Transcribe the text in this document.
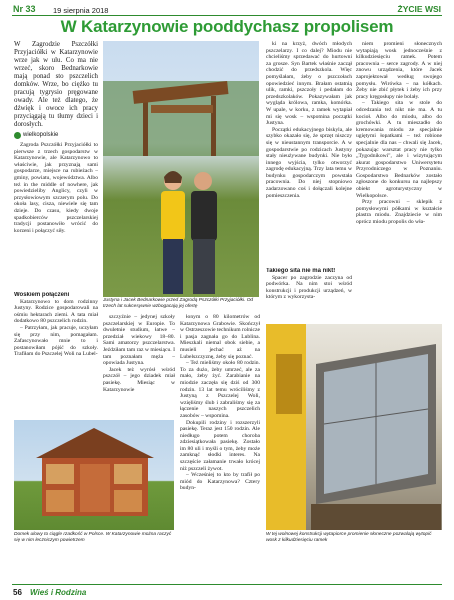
Nr 33 19 sierpnia 2018	ŻYCIE WSI
W Katarzynowie pooddychasz propolisem

W Zagrodzie Pszczółki Przyjaciółki w Katarzynowie wrze jak w ulu. Co ma nie wrzeć, skoro Bednarkowie mają ponad sto pszczelich domków. Wrze, bo ciężko tu pracują tygrysio pręgowane owady. Ale też dlatego, że dźwięk i owoce ich pracy przyciągają tu tłumy dzieci i dorosłych.

wielkopolskie

Zagroda Pszczółki Przyjaciółki to pierwsze z trzech gospodarstw w Katarzynowie, ale Katarzynowo to właściwie, jak przyznają sami gospodarze, miejsce na rubieżach – gminy, powiatu, województwa. Albo też in the middle of nowhere, jak powiedzieliby Anglicy, czyli w przysłowiowym szczerym polu. Do okoła lasy, cisza, niewiele się tam dzieje. Do czasu, kiedy dwoje spadkobierców pszczelarskiej tradycji postanowiło wrócić do korzeni i połączyć siły.

Woskiem połączeni

Katarzynowo to dom rodzinny Justyny. Rodzice gospodarowali na ośmiu hektarach ziemi. A tata miał dodatkowo 80 pszczelich rodzin.

– Patrzyłam, jak pracuje, uczyłam się przy nim, pomagałam. Zafascynowało mnie to i postanowiłam pójść do szkoły. Trafiłam do Pszczelej Woli na Lubel-

Justyna i Jacek Bednarkowie przed Zagrodą Pszczółki Przyjaciółki. Od trzech lat sukcesywnie wzbogacają jej ofertę

szczyźnie – jedynej szkoły pszczelarskiej w Europie. To dwuletnie studium, łatwe – przedział wiekowy 18–80. Sami amatorzy pszczelarstwa. Jeździłam tam raz w miesiącu. I tam poznałam męża – opowiada Justyna.

Jacek też wyrósł wśród pszczół – jego dziadek miał pasiekę. Miesiąc w Katarzynowie

łonym o 80 kilometrów od Katarzynowa Grabowie. Skończył w Ostrzeszowie technikum rolnicze i pasja zagnała go do Lublina. Mieszkali niemal obok siebie, a musieli jechać aż na Lubelszczyznę, żeby się poznać.

– Też mieliśmy około 80 rodzin. To za dużo, żeby umrzeć, ale za mało, żeby żyć. Zarabianie na miodzie zaczęła się dziś od 300 rodzin. 13 lat temu wróciliśmy z Justyną z Pszczelej Woli, wzięliśmy ślub i zabraliśmy się za łączenie naszych pszczelich zasobów – wspomina.

Dokupili rodziny i rozszerzyli pasiekę. Teraz jest 150 rodzin. Ale niedługo potem choroba zdziesiątkowała pasiekę. Zostało im 80 uli i myśli o tym, żeby może zamknąć słodki interes. Na szczęście załamanie trwało krócej niż pszczeli żywot.

– Wcześniej to kto by trafił po miód do Katarzynowa? Cztery budyn-

Domek ulowy to ciągle rzadkość w Polsce. W Katarzynowie można raczyć się w nim leczniczym powietrzem

ki na krzyż, dwóch młodych pszczelarzy. I co dalej? Miodu nie chcieliśmy sprzedawać do hurtowni za grosze. Syn Bartek właśnie zaczął chodzić do przedszkola. Więc pomyślałam, żeby o pszczołach opowiedzieć innym. Brałam ostatnią ulik, ramki, pszczoły i pedałam do przedszkolaków. Pokazywałam jak wygląda królowa, ramka, komórka. W upale, w korku, z ramek wytapiał mi się wosk – wspomina początki Justyna.

Początki edukacyjnego biskyla, ale szybko okazało się, że sprzęt niszczy się w nieustannym transporcie. A w gospodarstwie po rodzicach Justyny stały nieużywane budynki. Nie było innego wyjścia, tylko otworzyć zagrodę edukacyjną. Trzy lata temu w budynku gospodarczym powstała pracownia. Do niej stopniowo zadarzowano coś i dołączali kolejne pomieszczenia.

Takiego sita nie ma nikt!

Spacer po zagrodzie zaczyna od podwórka. Na nim stoi wśród konstrukcji i produkcji urządzeń, w którym z wykorzysta-

niem promieni słonecznych wytapiają wosk jednocześnie z kilkudziesięciu ramek. Potem pracownia – serce zagrody. A w niej znowu urządzenia, które Jacek zaprojektował według swojego pomysłu. Wirówka – na kółkach. Żeby nie zbić płytek i żeby ich przy pracy kręgosłupy nie bolały.

– Takiego sita w stole do odcedzania też nikt nie ma. A tu kocioł. Albo do miodu, albo do grochówki. A tu mieszadło do kremowania miodu ze specjalnie ugiętymi łopatkami – też robione specjalnie dla nas – chwali się Jacek, pokazując warsztat pracy nie tylko „Tygodnikowi", ale i wizytującym akurat gospodarstwo Uniwersytetu Przyrodniczego w Poznaniu. Gospodarstwo Bednarków zostało zgłoszone do konkursu na najlepszy obiekt agroturystyczny w Wielkopolsce.

Przy pracowni – sklepik z pomysłowymi półkami w kształcie plastra miodu. Znajdziecie w nim oprócz miodu propolis do wła-

W tej wolnowej konstrukcji wytapiorce promienie słoneczne pozwalają wytopić wosk z kilkudziesięciu ramek
56 Wieś i Rodzina
